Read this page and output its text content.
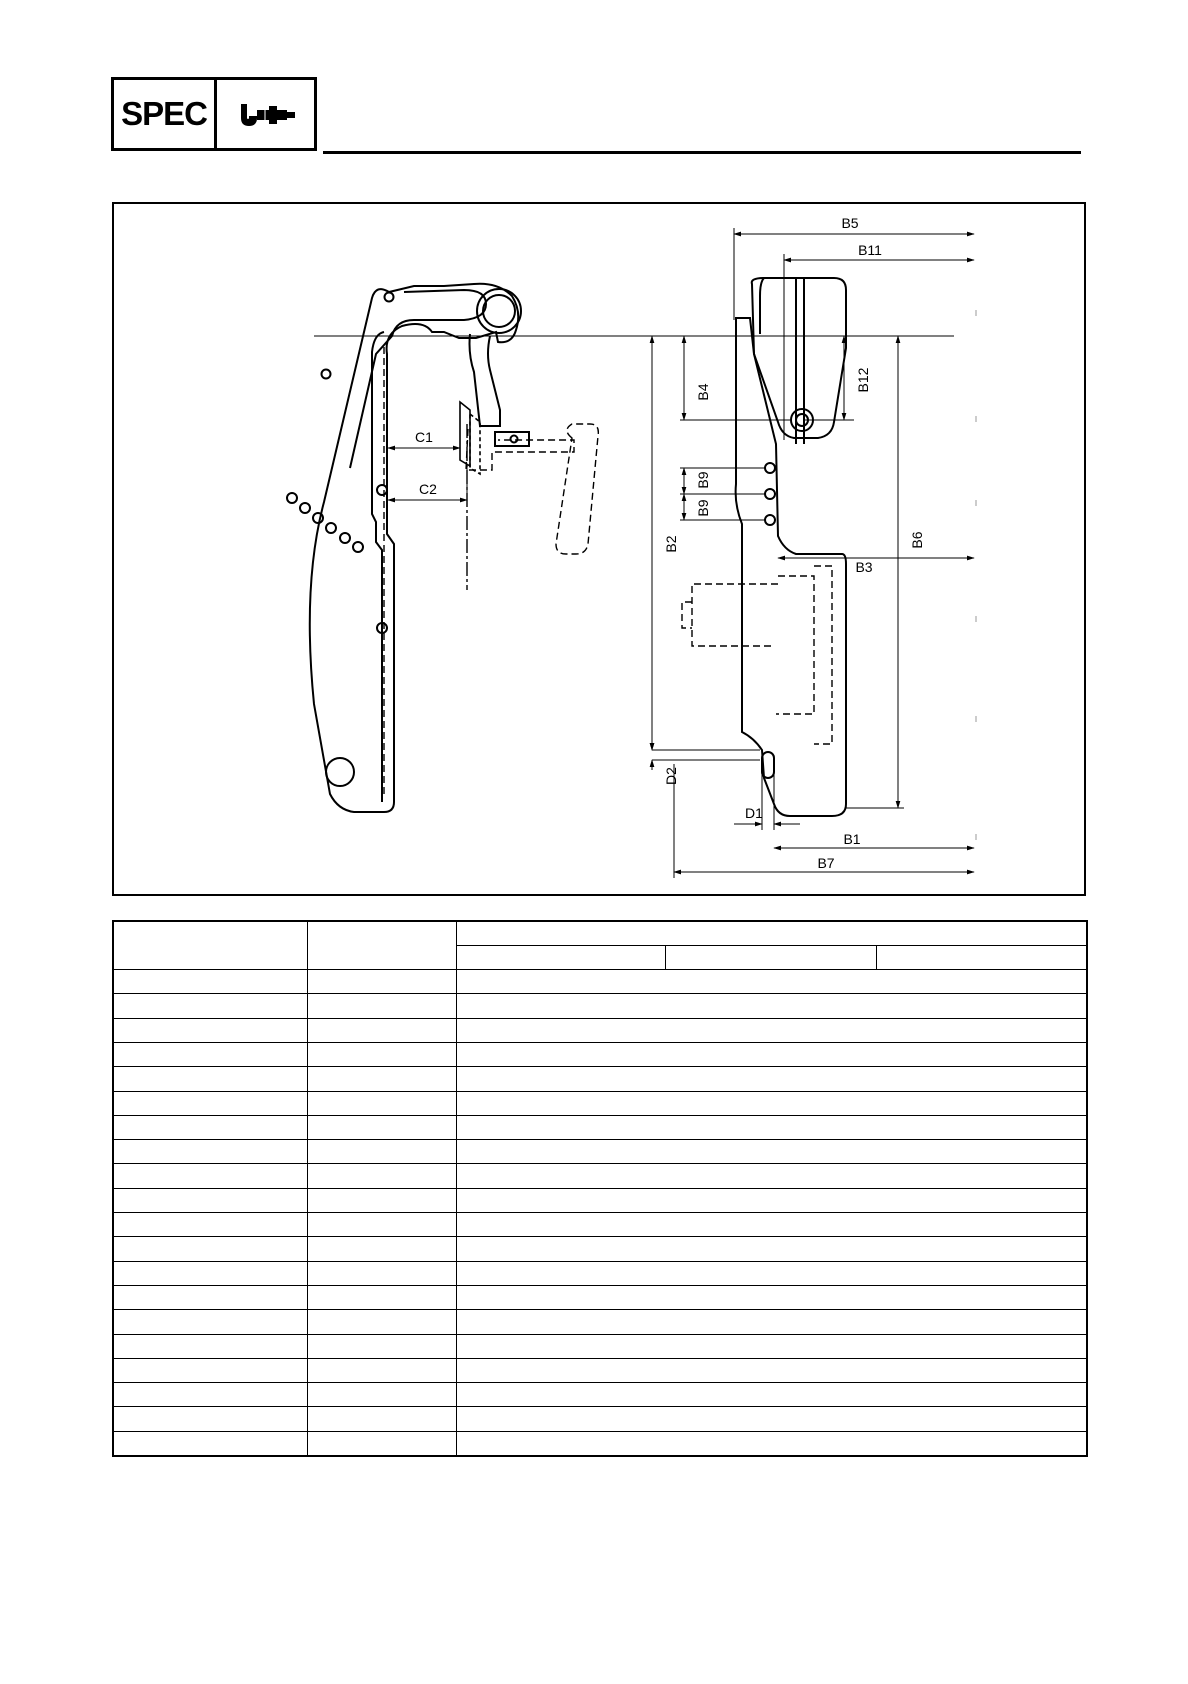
SPEC
C1
C2
B5
B11
B12
B4
B9
B9
B2	B6
B3
D2
D1
B1
B7
